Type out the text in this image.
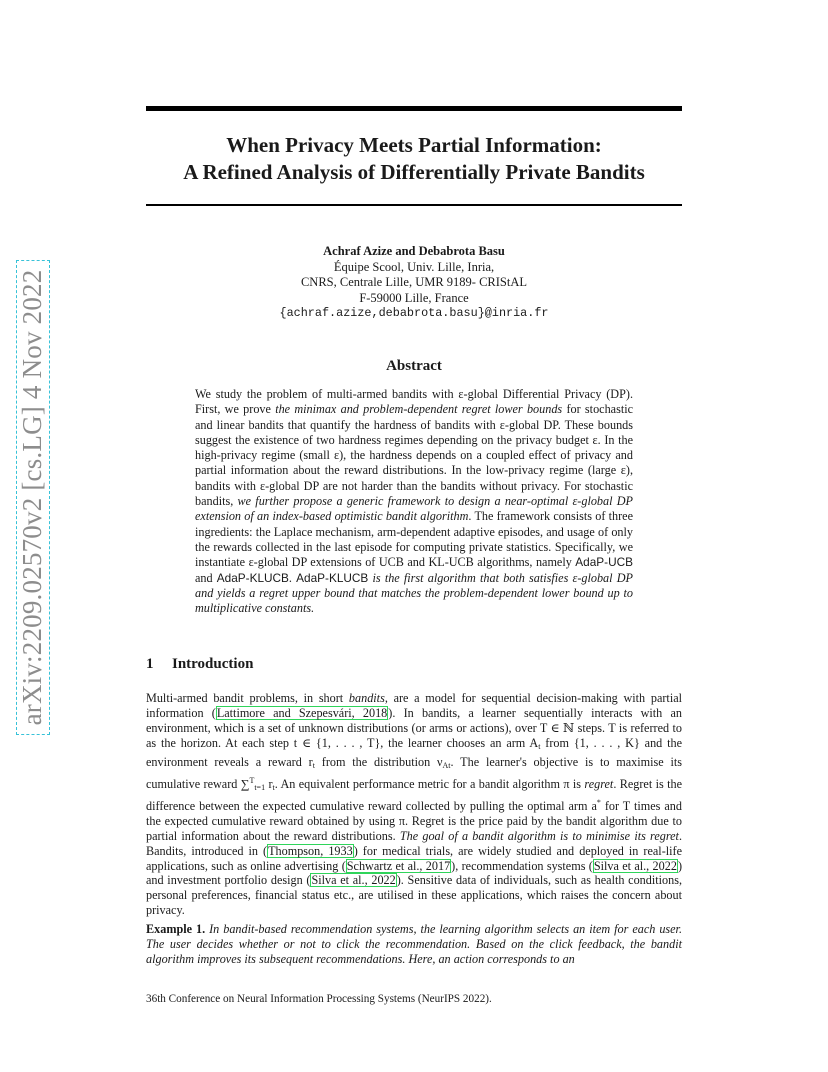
When Privacy Meets Partial Information:
A Refined Analysis of Differentially Private Bandits
arXiv:2209.02570v2 [cs.LG] 4 Nov 2022
Achraf Azize and Debabrota Basu
Équipe Scool, Univ. Lille, Inria,
CNRS, Centrale Lille, UMR 9189- CRIStAL
F-59000 Lille, France
{achraf.azize,debabrota.basu}@inria.fr
Abstract
We study the problem of multi-armed bandits with ε-global Differential Privacy (DP). First, we prove the minimax and problem-dependent regret lower bounds for stochastic and linear bandits that quantify the hardness of bandits with ε-global DP. These bounds suggest the existence of two hardness regimes depending on the privacy budget ε. In the high-privacy regime (small ε), the hardness depends on a coupled effect of privacy and partial information about the reward distributions. In the low-privacy regime (large ε), bandits with ε-global DP are not harder than the bandits without privacy. For stochastic bandits, we further propose a generic framework to design a near-optimal ε-global DP extension of an index-based optimistic bandit algorithm. The framework consists of three ingredients: the Laplace mechanism, arm-dependent adaptive episodes, and usage of only the rewards collected in the last episode for computing private statistics. Specifically, we instantiate ε-global DP extensions of UCB and KL-UCB algorithms, namely AdaP-UCB and AdaP-KLUCB. AdaP-KLUCB is the first algorithm that both satisfies ε-global DP and yields a regret upper bound that matches the problem-dependent lower bound up to multiplicative constants.
1 Introduction
Multi-armed bandit problems, in short bandits, are a model for sequential decision-making with partial information (Lattimore and Szepesvári, 2018). In bandits, a learner sequentially interacts with an environment, which is a set of unknown distributions (or arms or actions), over T ∈ ℕ steps. T is referred to as the horizon. At each step t ∈ {1, . . . , T}, the learner chooses an arm $A_t$ from {1, . . . , K} and the environment reveals a reward $r_t$ from the distribution $\nu_{At}$. The learner's objective is to maximise its cumulative reward ∑$^T_{t=1}$ $r_t$. An equivalent performance metric for a bandit algorithm π is regret. Regret is the difference between the expected cumulative reward collected by pulling the optimal arm a* for T times and the expected cumulative reward obtained by using π. Regret is the price paid by the bandit algorithm due to partial information about the reward distributions. The goal of a bandit algorithm is to minimise its regret. Bandits, introduced in (Thompson, 1933) for medical trials, are widely studied and deployed in real-life applications, such as online advertising (Schwartz et al., 2017), recommendation systems (Silva et al., 2022) and investment portfolio design (Silva et al., 2022). Sensitive data of individuals, such as health conditions, personal preferences, financial status etc., are utilised in these applications, which raises the concern about privacy.
Example 1. In bandit-based recommendation systems, the learning algorithm selects an item for each user. The user decides whether or not to click the recommendation. Based on the click feedback, the bandit algorithm improves its subsequent recommendations. Here, an action corresponds to an
36th Conference on Neural Information Processing Systems (NeurIPS 2022).
